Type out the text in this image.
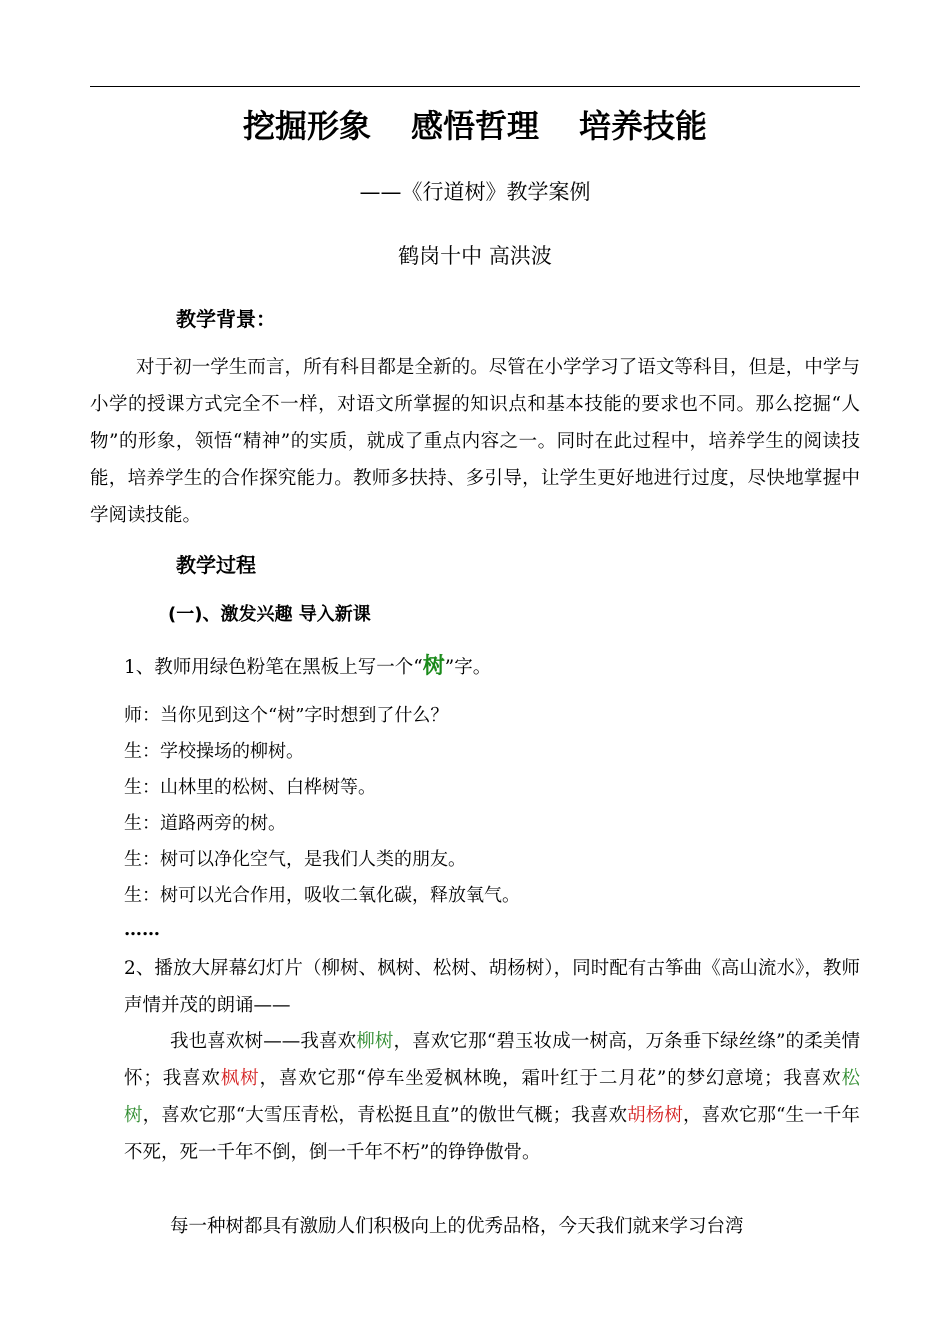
挖掘形象 感悟哲理 培养技能
——《行道树》教学案例
鹤岗十中 高洪波
教学背景：
对于初一学生而言，所有科目都是全新的。尽管在小学学习了语文等科目，但是，中学与小学的授课方式完全不一样，对语文所掌握的知识点和基本技能的要求也不同。那么挖掘“人物”的形象，领悟“精神”的实质，就成了重点内容之一。同时在此过程中，培养学生的阅读技能，培养学生的合作探究能力。教师多扶持、多引导，让学生更好地进行过度，尽快地掌握中学阅读技能。
教学过程
(一)、激发兴趣 导入新课
1、教师用绿色粉笔在黑板上写一个“树”字。
师：当你见到这个“树”字时想到了什么？
生：学校操场的柳树。
生：山林里的松树、白桦树等。
生：道路两旁的树。
生：树可以净化空气，是我们人类的朋友。
生：树可以光合作用，吸收二氧化碳，释放氧气。
……
2、播放大屏幕幻灯片（柳树、枫树、松树、胡杨树），同时配有古筝曲《高山流水》，教师声情并茂的朗诵——
我也喜欢树——我喜欢柳树，喜欢它那“碧玉妆成一树高，万条垂下绿丝绦”的柔美情怀；我喜欢枫树，喜欢它那“停车坐爱枫林晚，霜叶红于二月花”的梦幻意境；我喜欢松树，喜欢它那“大雪压青松，青松挺且直”的傲世气概；我喜欢胡杨树，喜欢它那“生一千年不死，死一千年不倒，倒一千年不朽”的铮铮傲骨。
每一种树都具有激励人们积极向上的优秀品格，今天我们就来学习台湾
